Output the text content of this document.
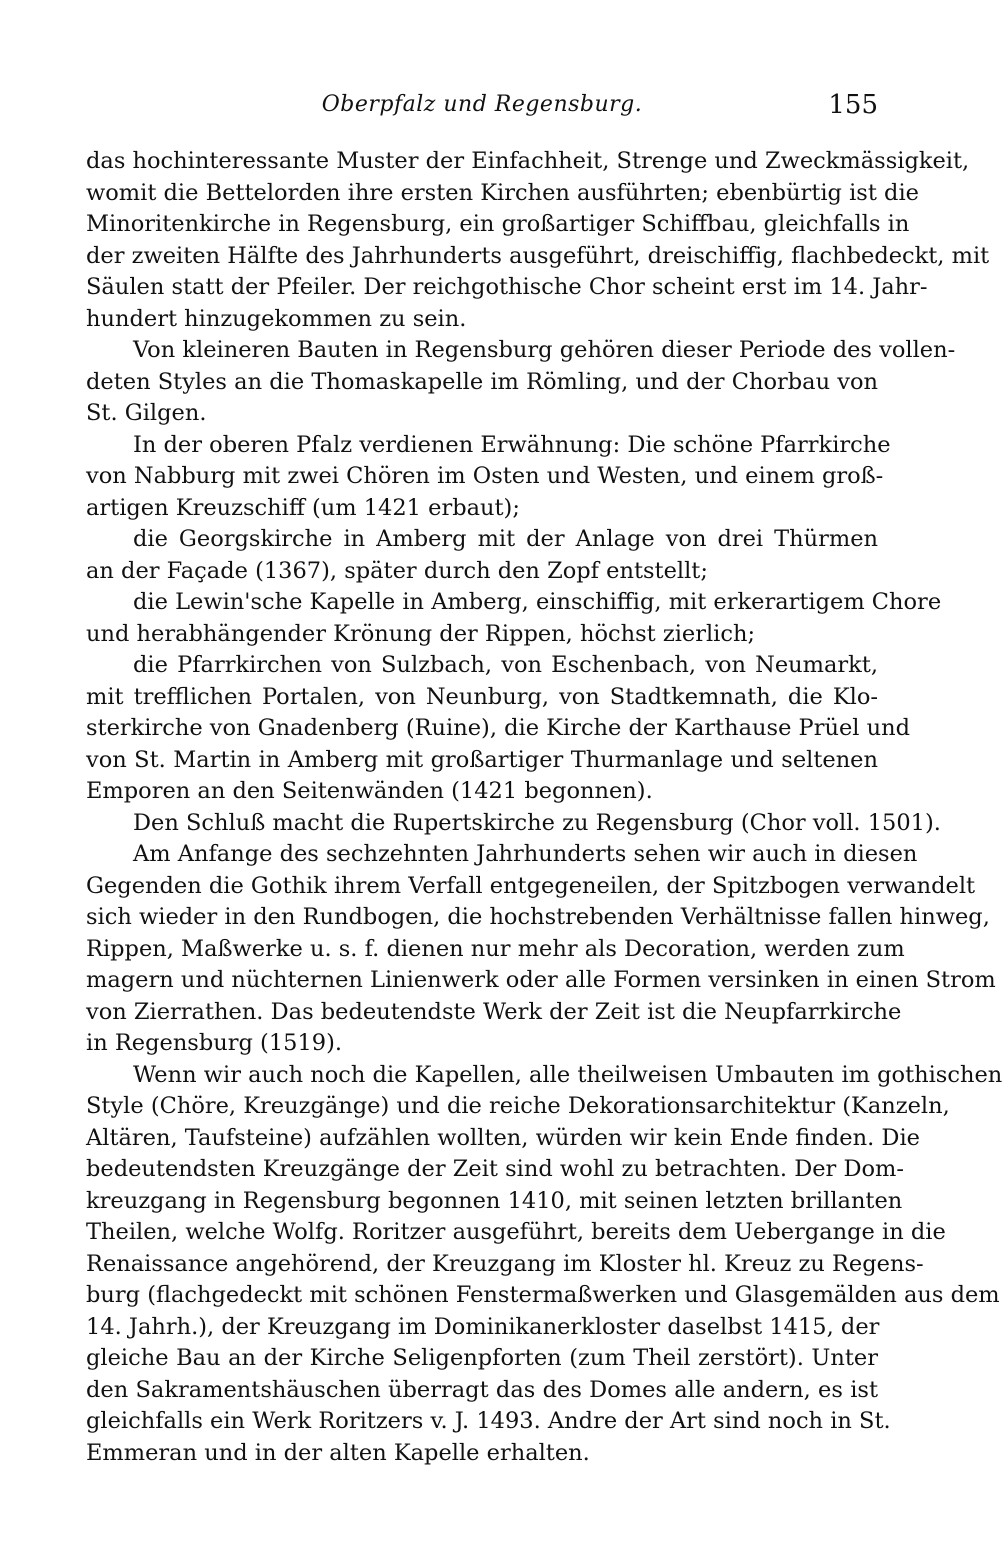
Oberpfalz und Regensburg.	155
das hochinteressante Muster der Einfachheit, Strenge und Zweckmässigkeit,
womit die Bettelorden ihre ersten Kirchen ausführten; ebenbürtig ist die
Minoritenkirche in Regensburg, ein großartiger Schiffbau, gleichfalls in
der zweiten Hälfte des Jahrhunderts ausgeführt, dreischiffig, flachbedeckt, mit
Säulen statt der Pfeiler. Der reichgothische Chor scheint erst im 14. Jahr-
hundert hinzugekommen zu sein.
Von kleineren Bauten in Regensburg gehören dieser Periode des vollen-
deten Styles an die Thomaskapelle im Römling, und der Chorbau von
St. Gilgen.
In der oberen Pfalz verdienen Erwähnung: Die schöne Pfarrkirche
von Nabburg mit zwei Chören im Osten und Westen, und einem groß-
artigen Kreuzschiff (um 1421 erbaut);
die Georgskirche in Amberg mit der Anlage von drei Thürmen
an der Façade (1367), später durch den Zopf entstellt;
die Lewin'sche Kapelle in Amberg, einschiffig, mit erkerartigem Chore
und herabhängender Krönung der Rippen, höchst zierlich;
die Pfarrkirchen von Sulzbach, von Eschenbach, von Neumarkt,
mit trefflichen Portalen, von Neunburg, von Stadtkemnath, die Klo-
sterkirche von Gnadenberg (Ruine), die Kirche der Karthause Prüel und
von St. Martin in Amberg mit großartiger Thurmanlage und seltenen
Emporen an den Seitenwänden (1421 begonnen).
Den Schluß macht die Rupertskirche zu Regensburg (Chor voll. 1501).
Am Anfange des sechzehnten Jahrhunderts sehen wir auch in diesen
Gegenden die Gothik ihrem Verfall entgegeneilen, der Spitzbogen verwandelt
sich wieder in den Rundbogen, die hochstrebenden Verhältnisse fallen hinweg,
Rippen, Maßwerke u. s. f. dienen nur mehr als Decoration, werden zum
magern und nüchternen Linienwerk oder alle Formen versinken in einen Strom
von Zierrathen. Das bedeutendste Werk der Zeit ist die Neupfarrkirche
in Regensburg (1519).
Wenn wir auch noch die Kapellen, alle theilweisen Umbauten im gothischen
Style (Chöre, Kreuzgänge) und die reiche Dekorationsarchitektur (Kanzeln,
Altären, Taufsteine) aufzählen wollten, würden wir kein Ende finden. Die
bedeutendsten Kreuzgänge der Zeit sind wohl zu betrachten. Der Dom-
kreuzgang in Regensburg begonnen 1410, mit seinen letzten brillanten
Theilen, welche Wolfg. Roritzer ausgeführt, bereits dem Uebergange in die
Renaissance angehörend, der Kreuzgang im Kloster hl. Kreuz zu Regens-
burg (flachgedeckt mit schönen Fenstermaßwerken und Glasgemälden aus dem
14. Jahrh.), der Kreuzgang im Dominikanerkloster daselbst 1415, der
gleiche Bau an der Kirche Seligenpforten (zum Theil zerstört). Unter
den Sakramentshäuschen überragt das des Domes alle andern, es ist
gleichfalls ein Werk Roritzers v. J. 1493. Andre der Art sind noch in St.
Emmeran und in der alten Kapelle erhalten.
